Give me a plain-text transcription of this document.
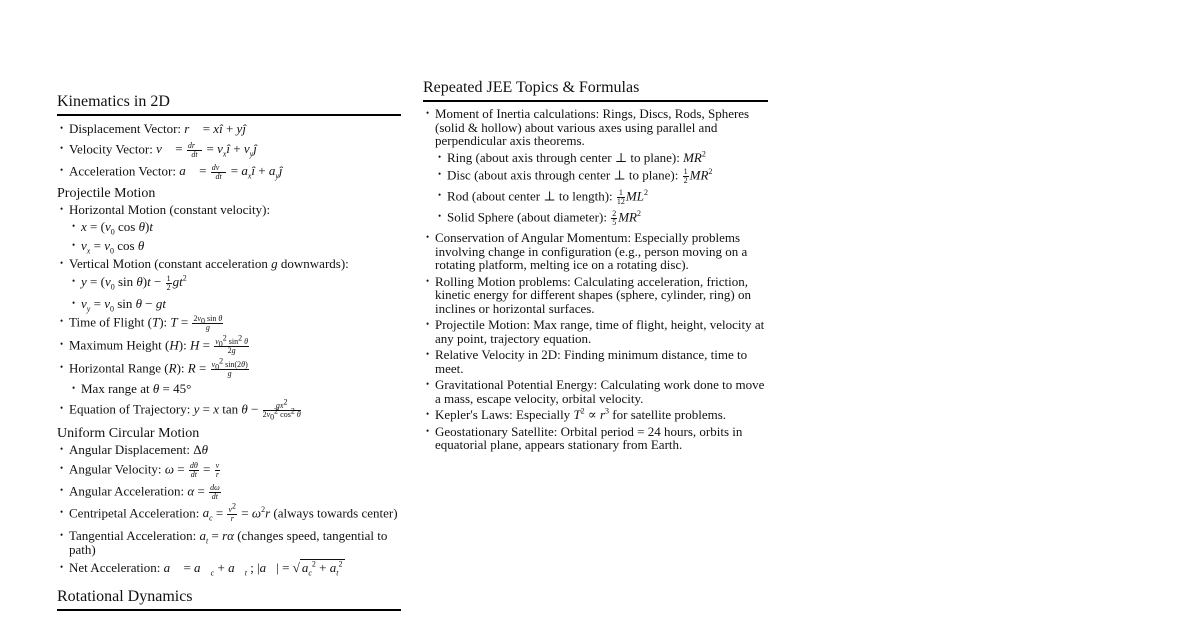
Kinematics in 2D
• Displacement Vector: r⃗ = xî + yĵ
• Velocity Vector: v⃗ = $\frac{dr⃗}{dt}$ = $v_xî$ + $v_yĵ$
• Acceleration Vector: a⃗ = $\frac{dv⃗}{dt}$ = $a_xî$ + $a_yĵ$
Projectile Motion
• Horizontal Motion (constant velocity):
• $x = (v_0$ cos θ)t
• $v_x = v_0$ cos θ
• Vertical Motion (constant acceleration g downwards):
• $y = (v_0$ $\sin \theta)t - \frac{1}{2} gt^2$
• $v_y = v_0$ sin θ − gt
• Time of Flight (T): $T = \frac{2v_0 \sin \theta}{g}$
• Maximum Height (H): $H = \frac{v_0^2 \sin^2 \theta}{2g}$
• Horizontal Range (R): $R = \frac{v_0^2 \sin(2\theta)}{g}$
• Max range at θ = 45°
• Equation of Trajectory: y = x $\tan \theta - \frac{gx^2}{2v_0^2 \cos^2 \theta}$
Uniform Circular Motion
• Angular Displacement: Δθ
• Angular Velocity: $\omega = \frac{d\theta}{dt} = \frac{v}{r}$
• Angular Acceleration: $\alpha = \frac{d\omega}{dt}$
• Centripetal Acceleration: $a_c = \frac{v^2}{r} = \omega^2r$ (always towards center)
• Tangential Acceleration: $a_t = r\alpha$ (changes speed, tangential to path)
• Net Acceleration: a⃗ = $a⃗_c$ + $a⃗_t$ ; |a⃗| = √ $a_c^2 + a_t^2$
Rotational Dynamics
Repeated JEE Topics & Formulas
• Moment of Inertia calculations: Rings, Discs, Rods, Spheres (solid & hollow) about various axes using parallel and perpendicular axis theorems.
• Ring (about axis through center ⊥ to plane): $MR^2$
• Disc (about axis through center ⊥ to plane): $\frac{1}{2} MR^2$
• Rod (about center ⊥ to length): $\frac{1}{12} ML^2$
• Solid Sphere (about diameter): $\frac{2}{5} MR^2$
• Conservation of Angular Momentum: Especially problems involving change in configuration (e.g., person moving on a rotating platform, melting ice on a rotating disc).
• Rolling Motion problems: Calculating acceleration, friction, kinetic energy for different shapes (sphere, cylinder, ring) on inclines or horizontal surfaces.
• Projectile Motion: Max range, time of flight, height, velocity at any point, trajectory equation.
• Relative Velocity in 2D: Finding minimum distance, time to meet.
• Gravitational Potential Energy: Calculating work done to move a mass, escape velocity, orbital velocity.
• Kepler's Laws: Especially $T^2 \propto r^3$ for satellite problems.
• Geostationary Satellite: Orbital period = 24 hours, orbits in equatorial plane, appears stationary from Earth.
